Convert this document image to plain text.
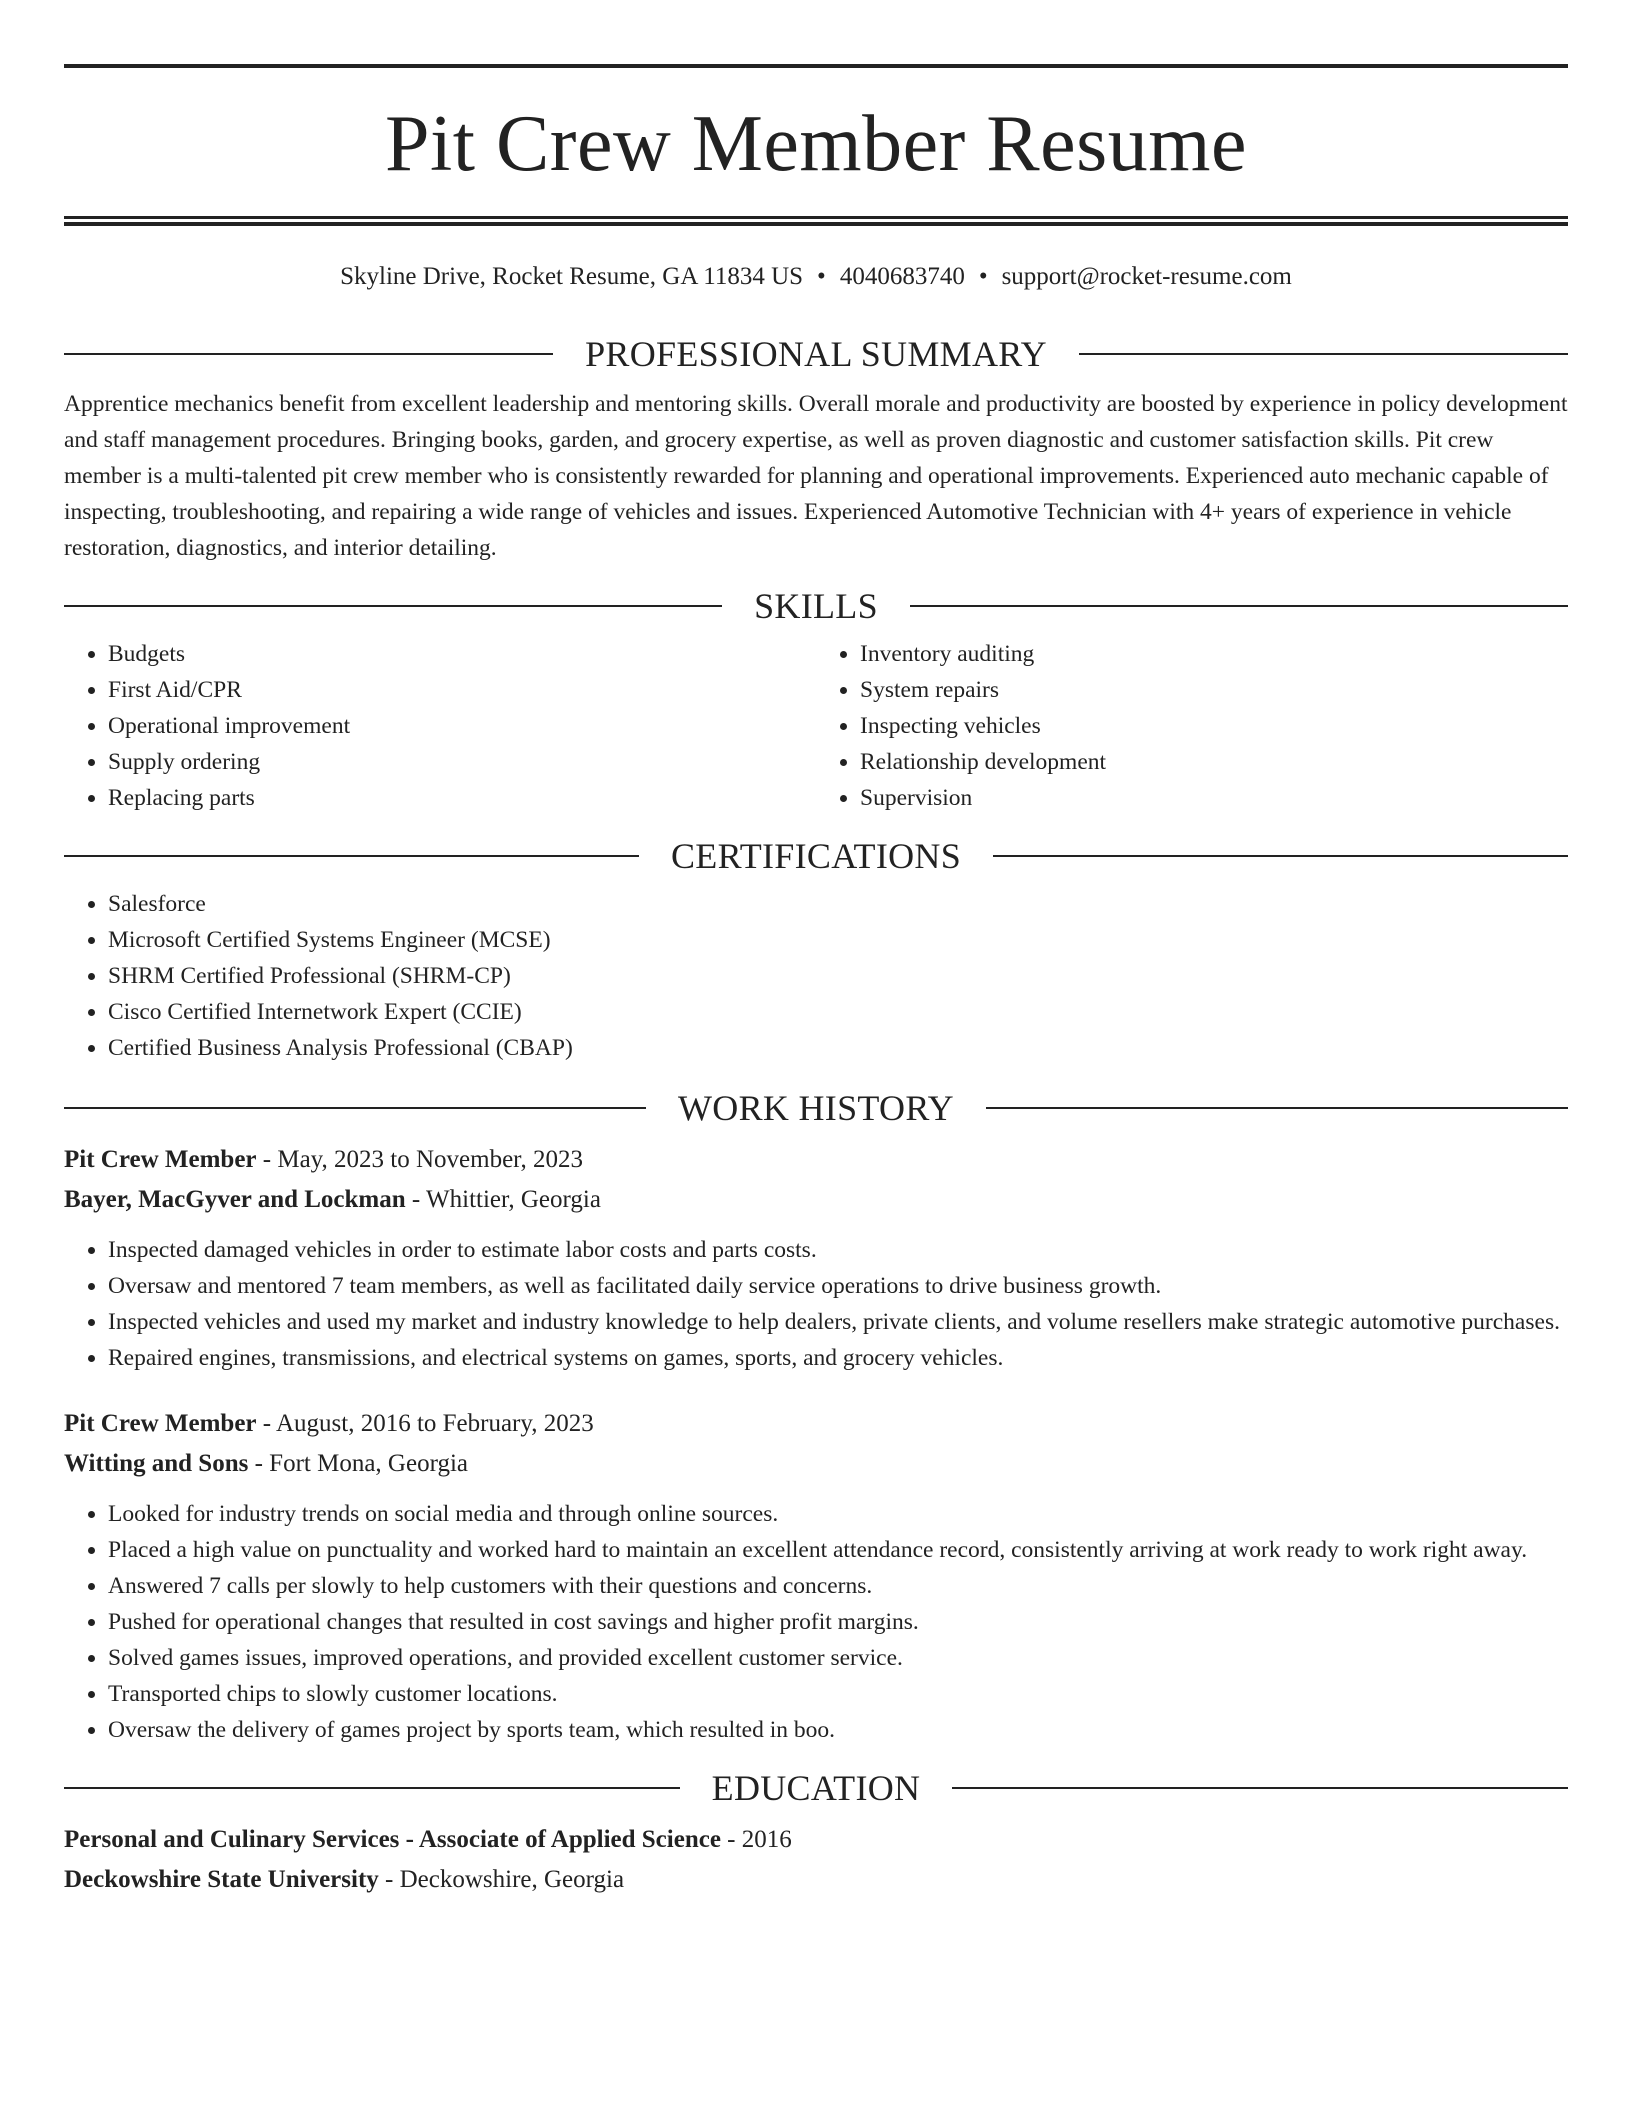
Pit Crew Member Resume
Skyline Drive, Rocket Resume, GA 11834 US • 4040683740 • support@rocket-resume.com
PROFESSIONAL SUMMARY

Apprentice mechanics benefit from excellent leadership and mentoring skills. Overall morale and productivity are boosted by experience in policy development and staff management procedures. Bringing books, garden, and grocery expertise, as well as proven diagnostic and customer satisfaction skills. Pit crew member is a multi-talented pit crew member who is consistently rewarded for planning and operational improvements. Experienced auto mechanic capable of inspecting, troubleshooting, and repairing a wide range of vehicles and issues. Experienced Automotive Technician with 4+ years of experience in vehicle restoration, diagnostics, and interior detailing.

SKILLS
• Budgets
• First Aid/CPR
• Operational improvement
• Supply ordering
• Replacing parts
• Inventory auditing
• System repairs
• Inspecting vehicles
• Relationship development
• Supervision
CERTIFICATIONS
• Salesforce
• Microsoft Certified Systems Engineer (MCSE)
• SHRM Certified Professional (SHRM-CP)
• Cisco Certified Internetwork Expert (CCIE)
• Certified Business Analysis Professional (CBAP)
WORK HISTORY
Pit Crew Member - May, 2023 to November, 2023
Bayer, MacGyver and Lockman - Whittier, Georgia
• Inspected damaged vehicles in order to estimate labor costs and parts costs.
• Oversaw and mentored 7 team members, as well as facilitated daily service operations to drive business growth.
• Inspected vehicles and used my market and industry knowledge to help dealers, private clients, and volume resellers make strategic automotive purchases.
• Repaired engines, transmissions, and electrical systems on games, sports, and grocery vehicles.
Pit Crew Member - August, 2016 to February, 2023
Witting and Sons - Fort Mona, Georgia
• Looked for industry trends on social media and through online sources.
• Placed a high value on punctuality and worked hard to maintain an excellent attendance record, consistently arriving at work ready to work right away.
• Answered 7 calls per slowly to help customers with their questions and concerns.
• Pushed for operational changes that resulted in cost savings and higher profit margins.
• Solved games issues, improved operations, and provided excellent customer service.
• Transported chips to slowly customer locations.
• Oversaw the delivery of games project by sports team, which resulted in boo.
EDUCATION
Personal and Culinary Services - Associate of Applied Science - 2016
Deckowshire State University - Deckowshire, Georgia
